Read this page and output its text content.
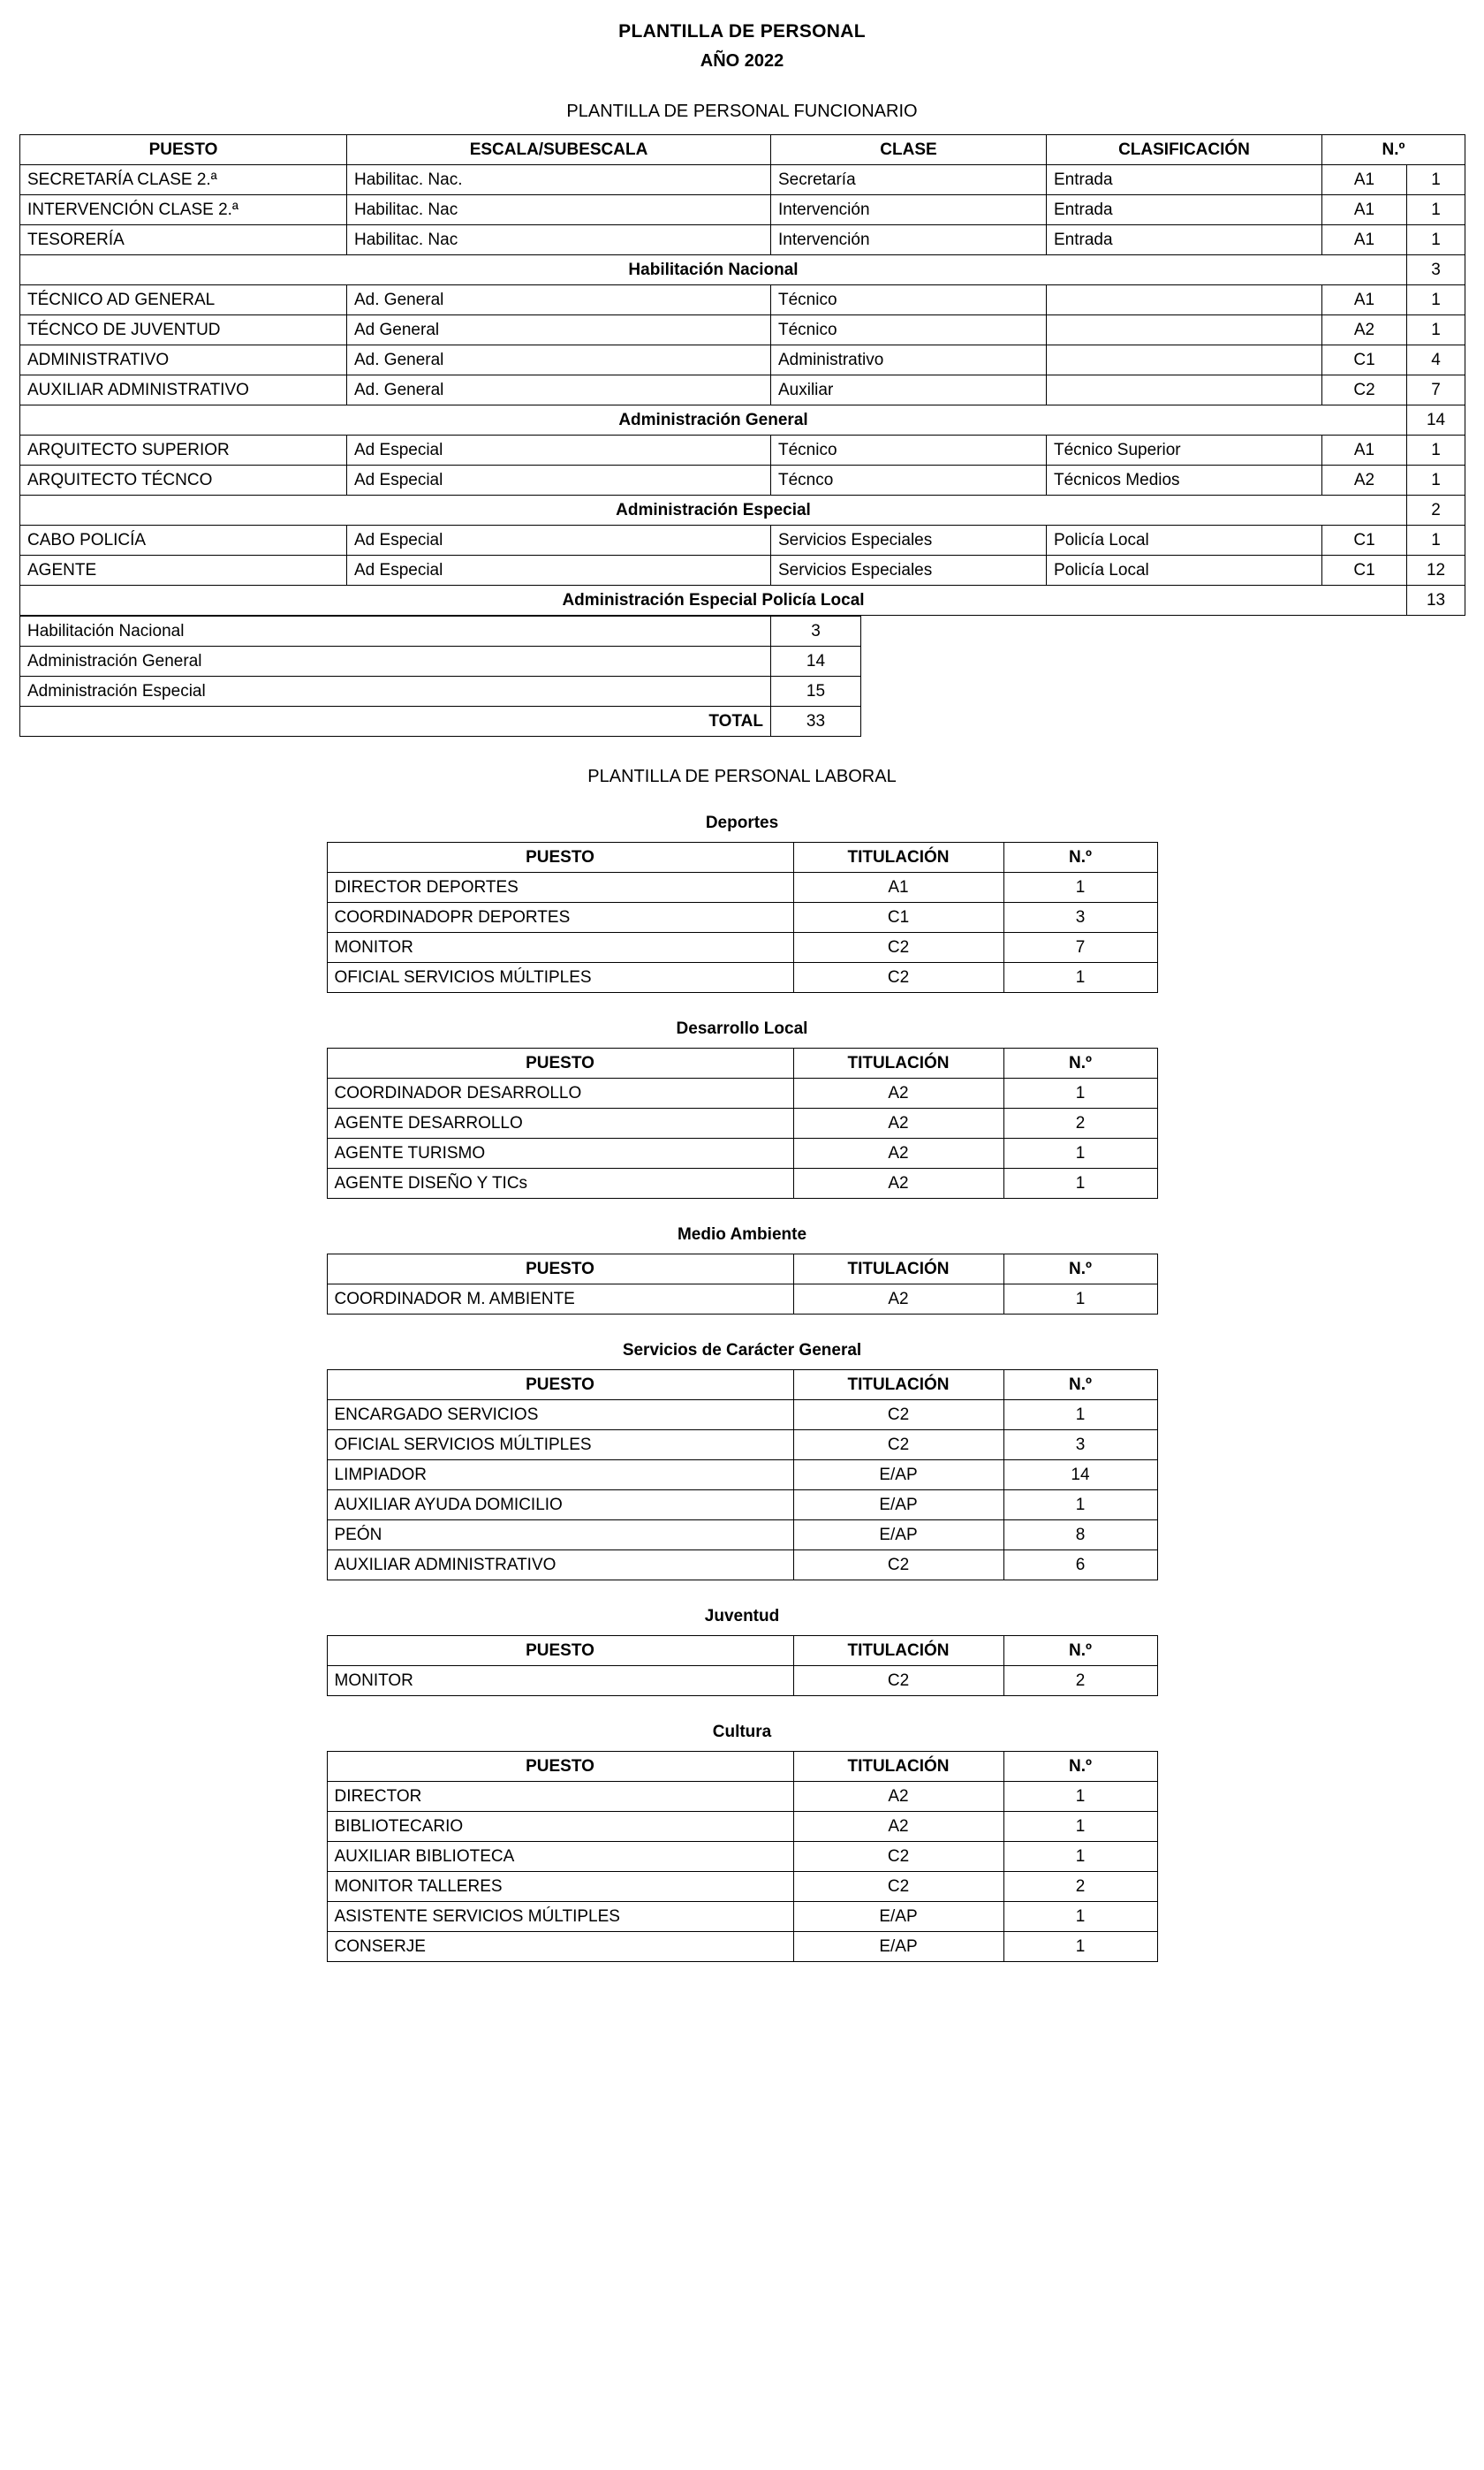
PLANTILLA DE PERSONAL
AÑO 2022
PLANTILLA DE PERSONAL FUNCIONARIO
PUESTO	ESCALA/SUBESCALA	CLASE	CLASIFICACIÓN	N.º	
SECRETARÍA CLASE 2.ª	Habilitac. Nac.	Secretaría	Entrada	A1	1
INTERVENCIÓN CLASE 2.ª	Habilitac. Nac	Intervención	Entrada	A1	1
TESORERÍA	Habilitac. Nac	Intervención	Entrada	A1	1
Habilitación Nacional					3
TÉCNICO AD GENERAL	Ad. General	Técnico		A1	1
TÉCNCO DE JUVENTUD	Ad General	Técnico		A2	1
ADMINISTRATIVO	Ad. General	Administrativo		C1	4
AUXILIAR ADMINISTRATIVO	Ad. General	Auxiliar		C2	7
Administración General					14
ARQUITECTO SUPERIOR	Ad Especial	Técnico	Técnico Superior	A1	1
ARQUITECTO TÉCNCO	Ad Especial	Técnco	Técnicos Medios	A2	1
Administración Especial					2
CABO POLICÍA	Ad Especial	Servicios Especiales	Policía Local	C1	1
AGENTE	Ad Especial	Servicios Especiales	Policía Local	C1	12
Administración Especial Policía Local					13
Habilitación Nacional	3
Administración General	14
Administración Especial	15
TOTAL	33
PLANTILLA DE PERSONAL LABORAL
Deportes
PUESTO	TITULACIÓN	N.º
DIRECTOR DEPORTES	A1	1
COORDINADOPR DEPORTES	C1	3
MONITOR	C2	7
OFICIAL SERVICIOS MÚLTIPLES	C2	1
Desarrollo Local
PUESTO	TITULACIÓN	N.º
COORDINADOR DESARROLLO	A2	1
AGENTE DESARROLLO	A2	2
AGENTE TURISMO	A2	1
AGENTE DISEÑO Y TICs	A2	1
Medio Ambiente
PUESTO	TITULACIÓN	N.º
COORDINADOR M. AMBIENTE	A2	1
Servicios de Carácter General
PUESTO	TITULACIÓN	N.º
ENCARGADO SERVICIOS	C2	1
OFICIAL SERVICIOS MÚLTIPLES	C2	3
LIMPIADOR	E/AP	14
AUXILIAR AYUDA DOMICILIO	E/AP	1
PEÓN	E/AP	8
AUXILIAR ADMINISTRATIVO	C2	6
Juventud
PUESTO	TITULACIÓN	N.º
MONITOR	C2	2
Cultura
PUESTO	TITULACIÓN	N.º
DIRECTOR	A2	1
BIBLIOTECARIO	A2	1
AUXILIAR BIBLIOTECA	C2	1
MONITOR TALLERES	C2	2
ASISTENTE SERVICIOS MÚLTIPLES	E/AP	1
CONSERJE	E/AP	1
